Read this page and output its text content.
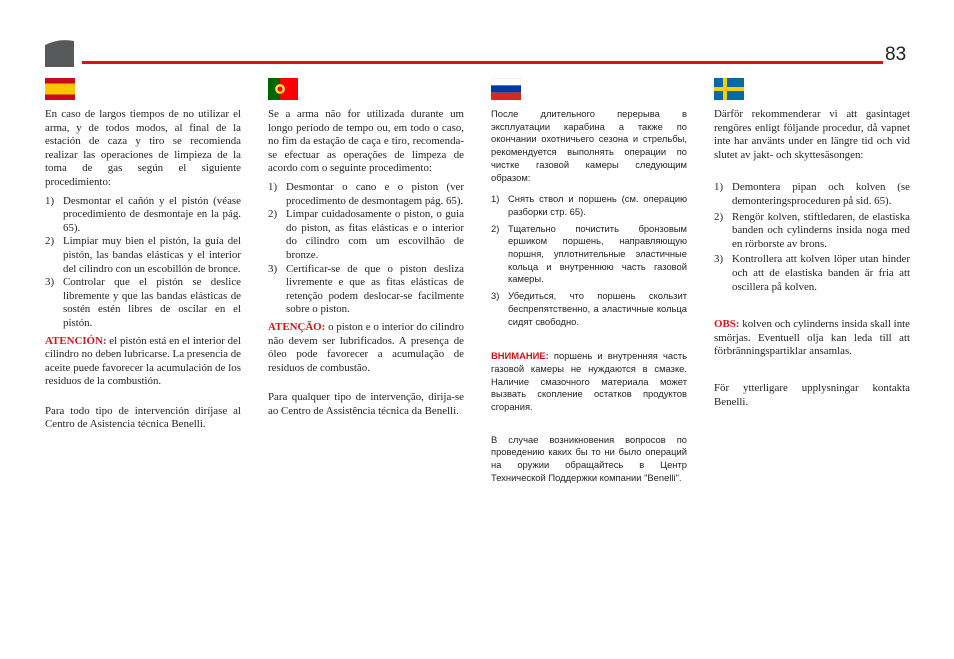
83

En caso de largos tiempos de no utilizar el arma, y de todos modos, al final de la estación de caza y tiro se recomienda realizar las operaciones de limpieza de la toma de gas según el siguiente procedimiento:

1) Desmontar el cañón y el pistón (véase procedimiento de desmontaje en la pág. 65).
2) Limpiar muy bien el pistón, la guía del pistón, las bandas elásticas y el interior del cilindro con un escobillón de bronce.
3) Controlar que el pistón se deslice libremente y que las bandas elásticas de sostén estén libres de oscilar en el pistón.

ATENCIÓN: el pistón está en el interior del cilindro no deben lubricarse. La presencia de aceite puede favorecer la acumulación de los residuos de la combustión.

Para todo tipo de intervención diríjase al Centro de Asistencia técnica Benelli.

Se a arma não for utilizada durante um longo período de tempo ou, em todo o caso, no fim da estação de caça e tiro, recomenda-se efectuar as operações de limpeza de acordo com o seguinte procedimento:

1) Desmontar o cano e o piston (ver procedimento de desmontagem pág. 65).
2) Limpar cuidadosamente o piston, o guia do piston, as fitas elásticas e o interior do cilindro com um escovilhão de bronze.
3) Certificar-se de que o piston desliza livremente e que as fitas elásticas de retenção podem deslocar-se facilmente sobre o piston.

ATENÇÃO: o piston e o interior do cilindro não devem ser lubrificados. A presença de óleo pode favorecer a acumulação de resíduos de combustão.

Para qualquer tipo de intervenção, dirija-se ao Centro de Assistência técnica da Benelli.

После длительного перерыва в эксплуатации карабина а также по окончании охотничьего сезона и стрельбы, рекомендуется выполнять операции по чистке газовой камеры следующим образом:

1) Снять ствол и поршень (см. операцию разборки стр. 65).
2) Тщательно почистить бронзовым ершиком поршень, направляющую поршня, уплотнительные эластичные кольца и внутреннюю часть газовой камеры.
3) Убедиться, что поршень скользит беспрепятственно, а эластичные кольца сидят свободно.

ВНИМАНИЕ: поршень и внутренняя часть газовой камеры не нуждаются в смазке. Наличие смазочного материала может вызвать скопление остатков продуктов сгорания.

В случае возникновения вопросов по проведению каких бы то ни было операций на оружии обращайтесь в Центр Технической Поддержки компании "Benelli".

Därför rekommenderar vi att gasintaget rengöres enligt följande procedur, då vapnet inte har använts under en längre tid och vid slutet av jakt- och skyttesäsongen:

1) Demontera pipan och kolven (se demonteringsproceduren på sid. 65).
2) Rengör kolven, stiftledaren, de elastiska banden och cylinderns insida noga med en rörborste av brons.
3) Kontrollera att kolven löper utan hinder och att de elastiska banden är fria att oscillera på kolven.

OBS: kolven och cylinderns insida skall inte smörjas. Eventuell olja kan leda till att förbränningspartiklar ansamlas.

För ytterligare upplysningar kontakta Benelli.
